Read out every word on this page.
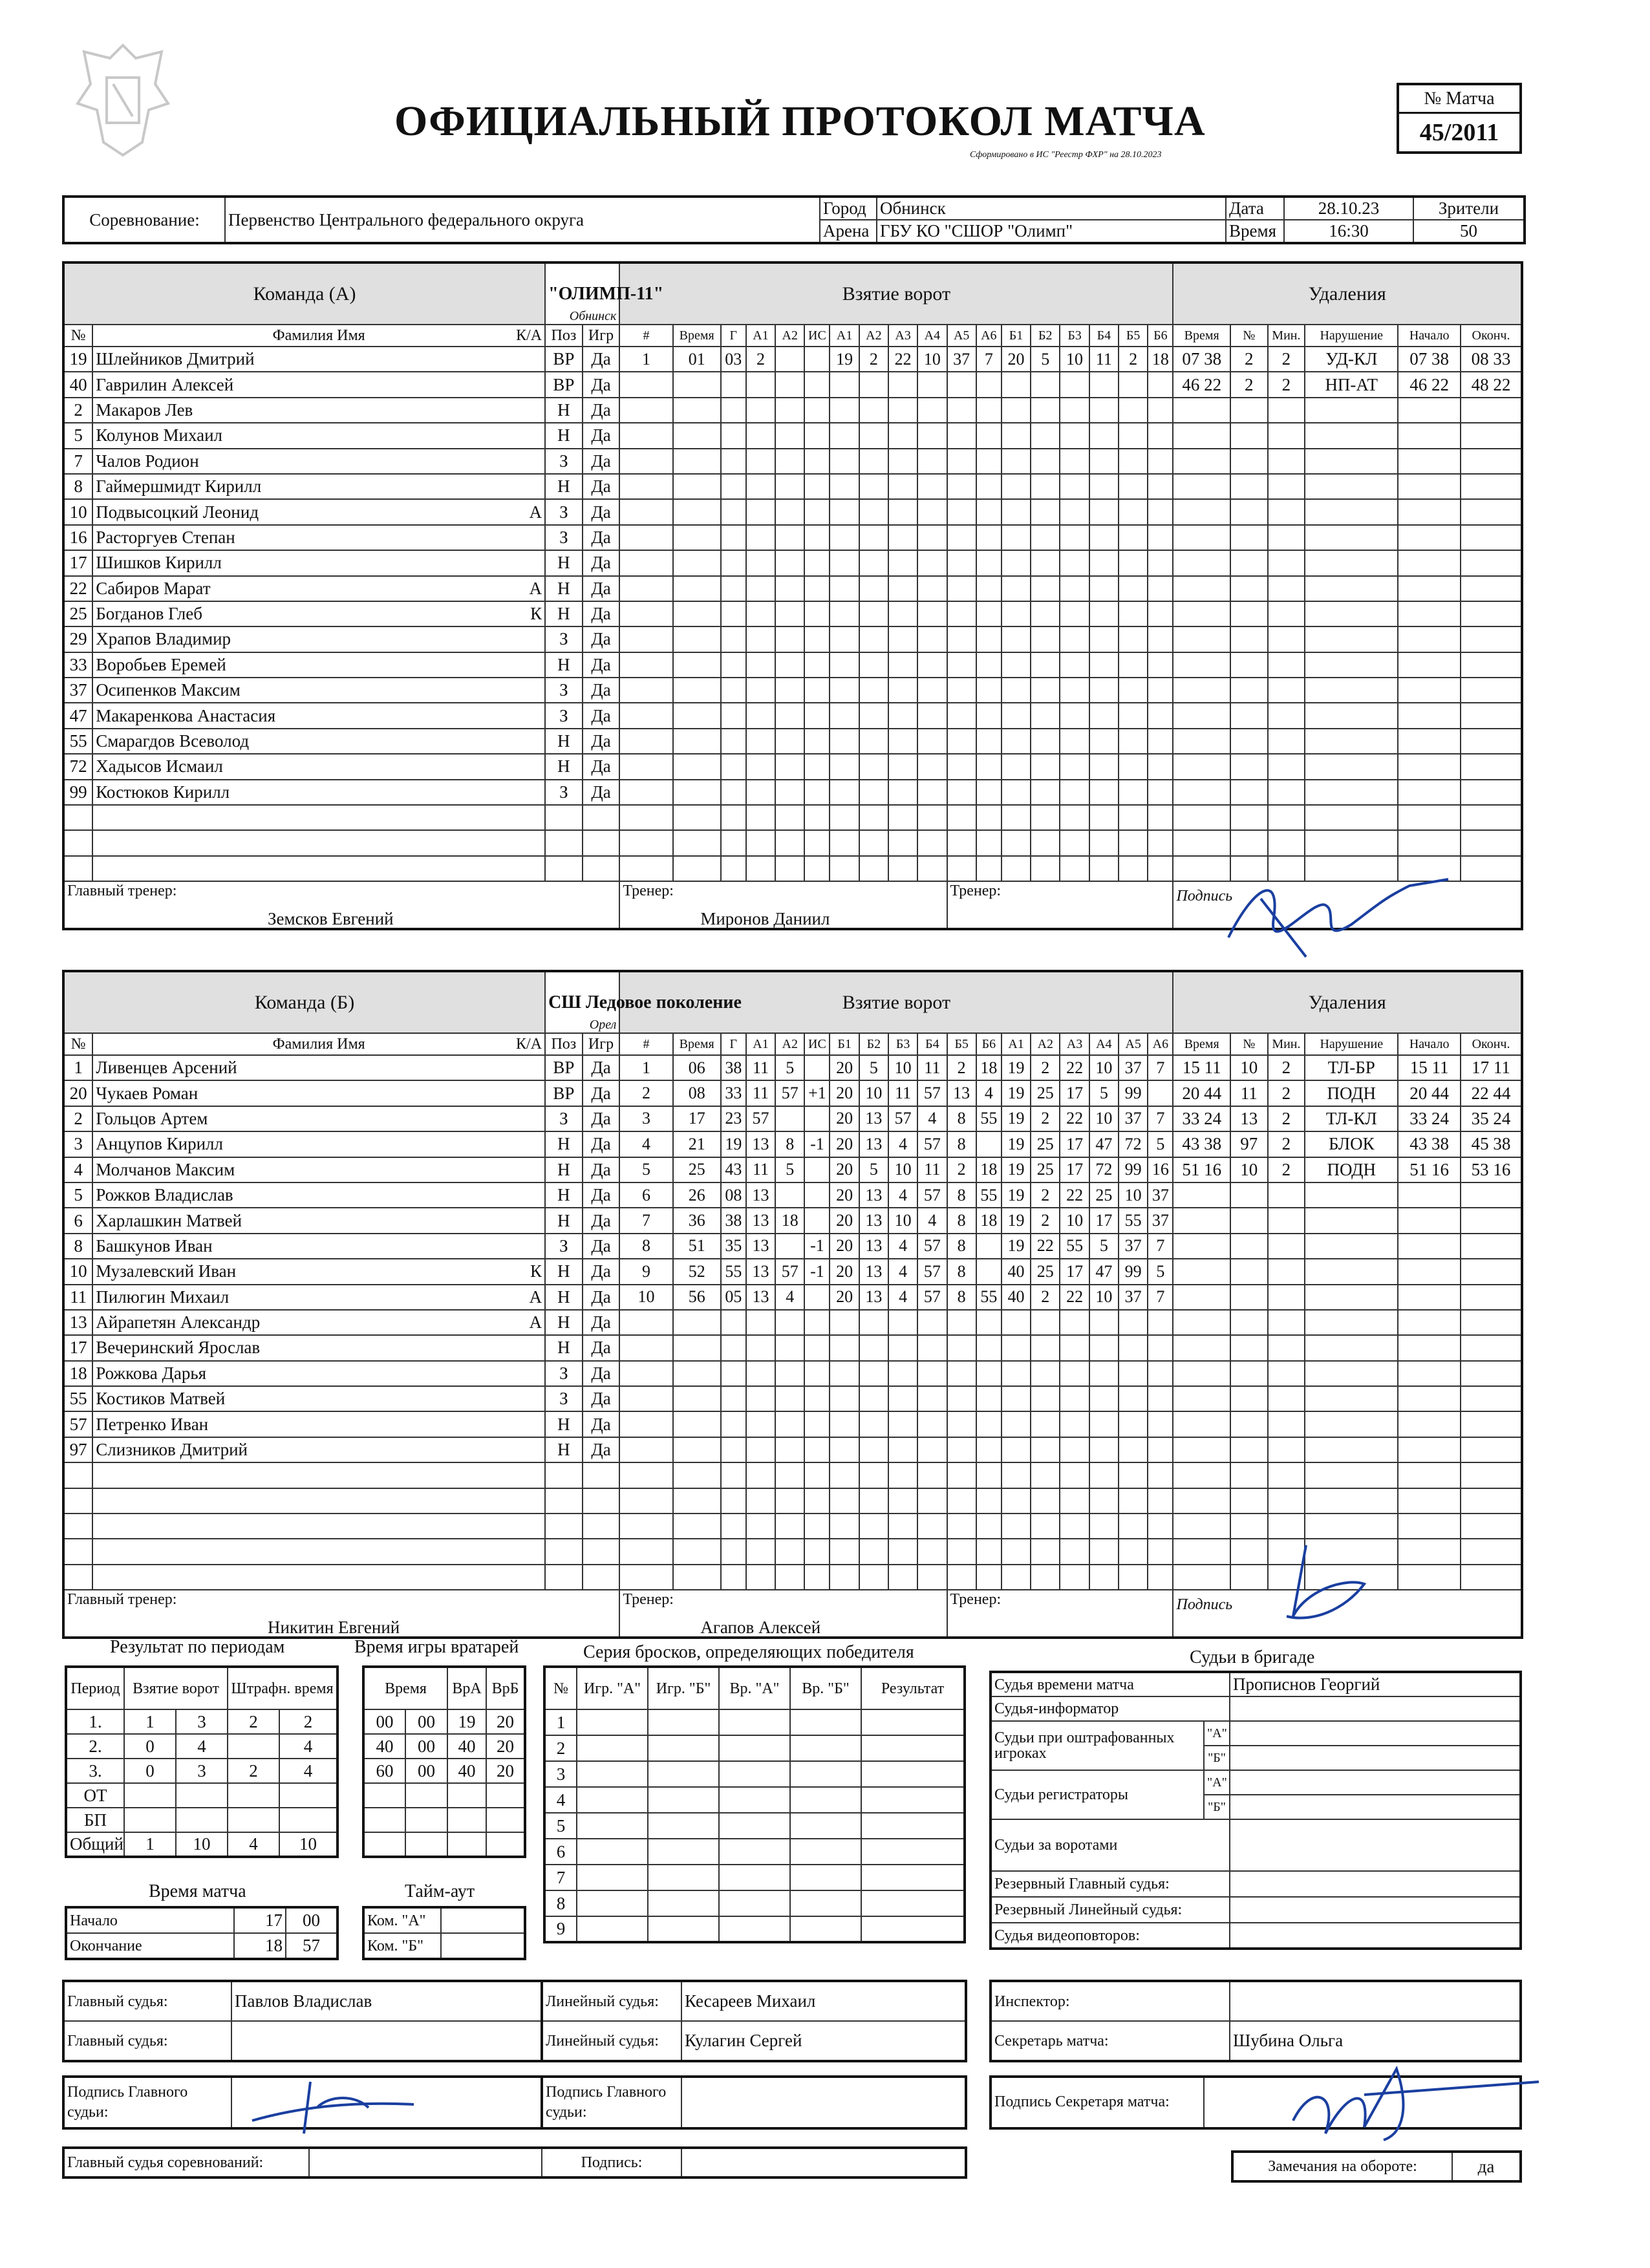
ОФИЦИАЛЬНЫЙ ПРОТОКОЛ МАТЧА
Сформировано в ИС "Реестр ФХР" на 28.10.2023
№ Матча
45/2011
Соревнование:	Первенство Центрального федерального округа	Город	Обнинск	Дата	28.10.23	Зрители
		Арена	ГБУ КО "СШОР "Олимп"	Время	16:30	50
Команда (А)		"ОЛИМП-11"
Обнинск		Взятие ворот																		Удаления					
№	Фамилия Имя К/А	Поз	Игр	#	Время	Г	А1	А2	ИС	А1	А2	А3	А4	А5	А6	Б1	Б2	Б3	Б4	Б5	Б6	Время	№	Мин.	Нарушение	Начало	Оконч.
19	Шлейников Дмитрий	ВР	Да	1	01	03	2			19	2	22	10	37	7	20	5	10	11	2	18	07 38	2	2	УД-КЛ	07 38	08 33
40	Гаврилин Алексей	ВР	Да																			46 22	2	2	НП-АТ	46 22	48 22
2	Макаров Лев	Н	Да																								
5	Колунов Михаил	Н	Да																								
7	Чалов Родион	З	Да																								
8	Гаймершмидт Кирилл	Н	Да																								
10	Подвысоцкий Леонид А	З	Да																								
16	Расторгуев Степан	З	Да																								
17	Шишков Кирилл	Н	Да																								
22	Сабиров Марат А	Н	Да																								
25	Богданов Глеб К	Н	Да																								
29	Храпов Владимир	З	Да																								
33	Воробьев Еремей	Н	Да																								
37	Осипенков Максим	З	Да																								
47	Макаренкова Анастасия	З	Да																								
55	Смарагдов Всеволод	Н	Да																								
72	Хадысов Исмаил	Н	Да																								
99	Костюков Кирилл	З	Да																								

Главный тренер:
Земсков Евгений				Тренер:
Миронов Даниил										Тренер:								Подпись					
Команда (Б)		СШ Ледовое поколение
Орел		Взятие ворот																		Удаления					
№	Фамилия Имя К/А	Поз	Игр	#	Время	Г	А1	А2	ИС	Б1	Б2	Б3	Б4	Б5	Б6	А1	А2	А3	А4	А5	А6	Время	№	Мин.	Нарушение	Начало	Оконч.
1	Ливенцев Арсений	ВР	Да	1	06	38	11	5		20	5	10	11	2	18	19	2	22	10	37	7	15 11	10	2	ТЛ-БР	15 11	17 11
20	Чукаев Роман	ВР	Да	2	08	33	11	57	+1	20	10	11	57	13	4	19	25	17	5	99		20 44	11	2	ПОДН	20 44	22 44
2	Гольцов Артем	З	Да	3	17	23	57			20	13	57	4	8	55	19	2	22	10	37	7	33 24	13	2	ТЛ-КЛ	33 24	35 24
3	Анцупов Кирилл	Н	Да	4	21	19	13	8	-1	20	13	4	57	8		19	25	17	47	72	5	43 38	97	2	БЛОК	43 38	45 38
4	Молчанов Максим	Н	Да	5	25	43	11	5		20	5	10	11	2	18	19	25	17	72	99	16	51 16	10	2	ПОДН	51 16	53 16
5	Рожков Владислав	Н	Да	6	26	08	13			20	13	4	57	8	55	19	2	22	25	10	37						
6	Харлашкин Матвей	Н	Да	7	36	38	13	18		20	13	10	4	8	18	19	2	10	17	55	37						
8	Башкунов Иван	З	Да	8	51	35	13		-1	20	13	4	57	8		19	22	55	5	37	7						
10	Музалевский Иван К	Н	Да	9	52	55	13	57	-1	20	13	4	57	8		40	25	17	47	99	5						
11	Пилюгин Михаил А	Н	Да	10	56	05	13	4		20	13	4	57	8	55	40	2	22	10	37	7						
13	Айрапетян Александр А	Н	Да																								
17	Вечеринский Ярослав	Н	Да																								
18	Рожкова Дарья	З	Да																								
55	Костиков Матвей	З	Да																								
57	Петренко Иван	Н	Да																								
97	Слизников Дмитрий	Н	Да																								

Главный тренер:
Никитин Евгений				Тренер:
Агапов Алексей										Тренер:								Подпись					
Результат по периодам
Период	Взятие ворот		Штрафн. время	
1.	1	3	2	2
2.	0	4		4
3.	0	3	2	4
ОТ				
БП				
Общий	1	10	4	10
Время игры вратарей
Время		ВрА	ВрБ
00	00	19	20
40	00	40	20
60	00	40	20

Время матча
Начало	17	00
Окончание	18	57
Тайм-аут
Ком. "А"	
Ком. "Б"	
Серия бросков, определяющих победителя
№	Игр. "А"	Игр. "Б"	Вр. "А"	Вр. "Б"	Результат
1					
2					
3					
4					
5					
6					
7					
8					
9					
Судьи в бригаде
Судья времени матча		Прописнов Георгий
Судья-информатор		
Судьи при оштрафованных игроках	"А"	
	"Б"	
Судьи регистраторы	"А"	
	"Б"	
Судьи за воротами		
Резервный Главный судья:		
Резервный Линейный судья:		
Судья видеоповторов:		
Главный судья:	Павлов Владислав
Главный судья:	
Линейный судья:	Кесареев Михаил
Линейный судья:	Кулагин Сергей
Инспектор:	
Секретарь матча:	Шубина Ольга
Подпись Главного судьи:	
Подпись Главного судьи:	
Подпись Секретаря матча:	
Главный судья соревнований:		Подпись:		Замечания на обороте:	да
